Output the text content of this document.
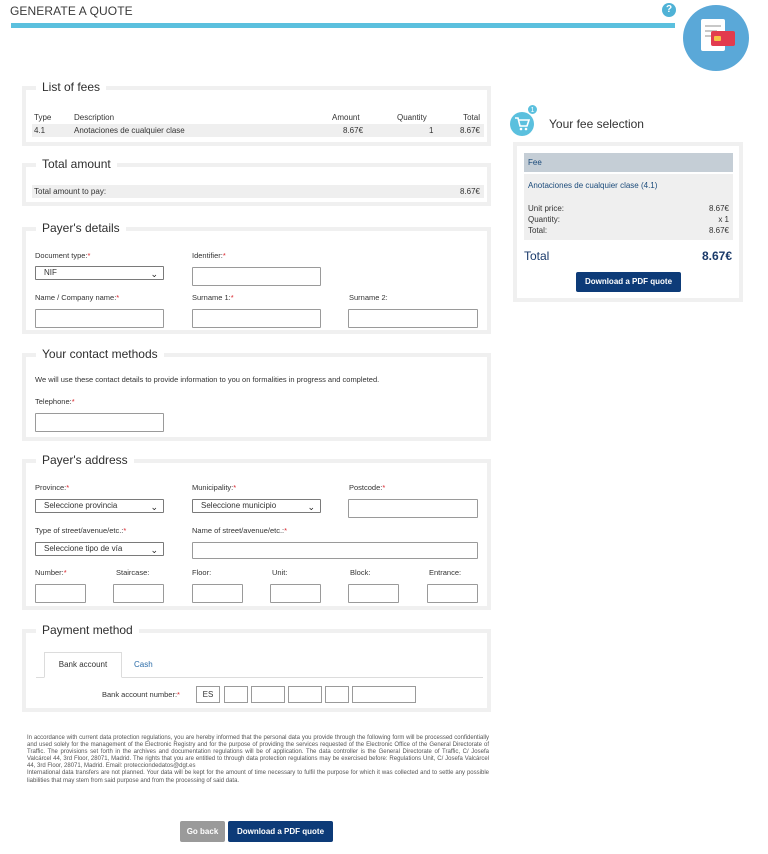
GENERATE A QUOTE	?
List of fees
Type	Description	Amount	Quantity	Total
4.1	Anotaciones de cualquier clase	8.67€	1	8.67€
Total amount
Total amount to pay:	8.67€
Payer's details
Document type:*
NIF	⌄
Identifier:*
Name / Company name:*	Surname 1:*	Surname 2:
Your contact methods
We will use these contact details to provide information to you on formalities in progress and completed.
Telephone:*
Payer's address
Province:*
Seleccione provincia	⌄
Municipality:*
Seleccione municipio	⌄
Postcode:*
Type of street/avenue/etc.:*
Seleccione tipo de vía	⌄
Name of street/avenue/etc.:*
Number:*	Staircase:	Floor:	Unit:	Block:	Entrance:
Payment method
Bank account	Cash
Bank account number:*	ES
1
Your fee selection
Fee
Anotaciones de cualquier clase (4.1)
Unit price:	8.67€
Quantity:	x 1
Total:	8.67€
Total	8.67€
Download a PDF quote
In accordance with current data protection regulations, you are hereby informed that the personal data you provide through the following form will be processed confidentially and used solely for the management of the Electronic Registry and for the purpose of providing the services requested of the Electronic Office of the General Directorate of Traffic. The provisions set forth in the archives and documentation regulations will be of application. The data controller is the General Directorate of Traffic, C/ Josefa Valcárcel 44, 3rd Floor, 28071, Madrid. The rights that you are entitled to through data protection regulations may be exercised before: Regulations Unit, C/ Josefa Valcárcel 44, 3rd Floor, 28071, Madrid. Email: protecciondedatos@dgt.es
International data transfers are not planned. Your data will be kept for the amount of time necessary to fulfil the purpose for which it was collected and to settle any possible liabilities that may stem from said purpose and from the processing of said data.
Go back	Download a PDF quote
